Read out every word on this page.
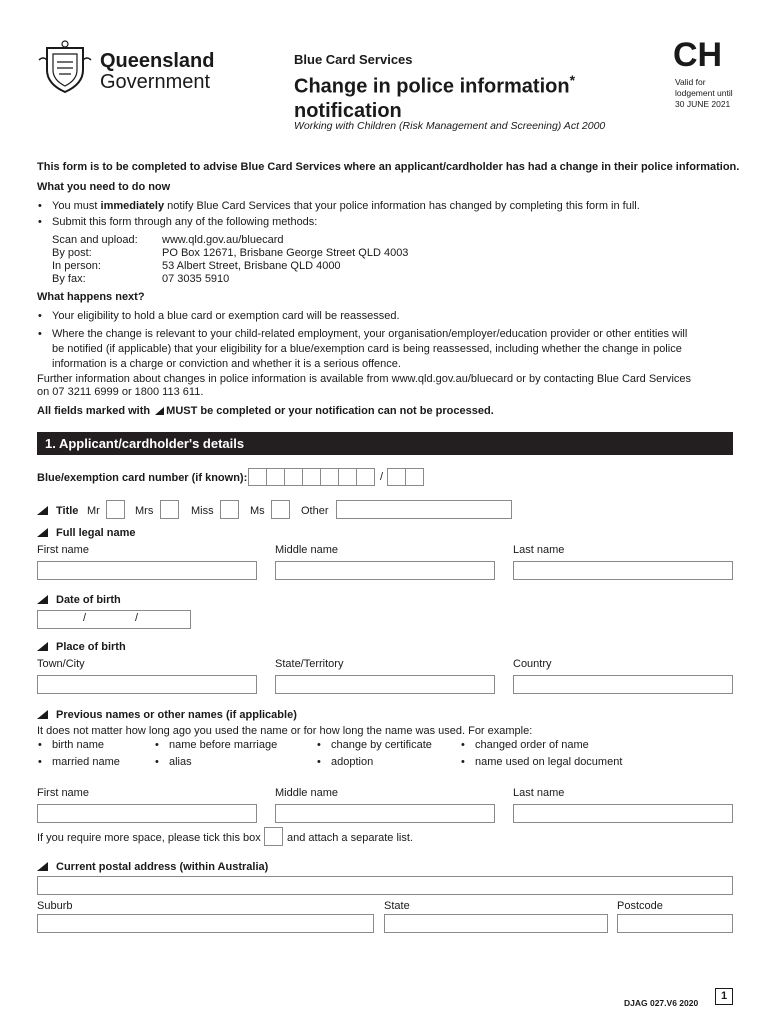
Queensland
Government
Blue Card Services
Change in police information*
notification
Working with Children (Risk Management and Screening) Act 2000
CH
Valid for
lodgement until
30 JUNE 2021
This form is to be completed to advise Blue Card Services where an applicant/cardholder has had a change in their police information.
What you need to do now
• You must immediately notify Blue Card Services that your police information has changed by completing this form in full.
• Submit this form through any of the following methods:
Scan and upload: www.qld.gov.au/bluecard
By post:	PO Box 12671, Brisbane George Street QLD 4003
In person:	53 Albert Street, Brisbane QLD 4000
By fax:	07 3035 5910
What happens next?
• Your eligibility to hold a blue card or exemption card will be reassessed.
• Where the change is relevant to your child-related employment, your organisation/employer/education provider or other entities will
be notified (if applicable) that your eligibility for a blue/exemption card is being reassessed, including whether the change in police
information is a charge or conviction and whether it is a serious offence.
Further information about changes in police information is available from www.qld.gov.au/bluecard or by contacting Blue Card Services
on 07 3211 6999 or 1800 113 611.
All fields marked with MUST be completed or your notification can not be processed.
1. Applicant/cardholder's details
Blue/exemption card number (if known):	/
Title Mr	Mrs	Miss	Ms	Other
Full legal name
First name	Middle name	Last name
Date of birth
/	/
Place of birth
Town/City	State/Territory	Country
Previous names or other names (if applicable)
It does not matter how long ago you used the name or for how long the name was used. For example:
• birth name	• name before marriage	• change by certificate	• changed order of name
• married name	• alias	• adoption	• name used on legal document
First name	Middle name	Last name
If you require more space, please tick this box and attach a separate list.
Current postal address (within Australia)
Suburb	State	Postcode
DJAG 027.V6 2020
1
